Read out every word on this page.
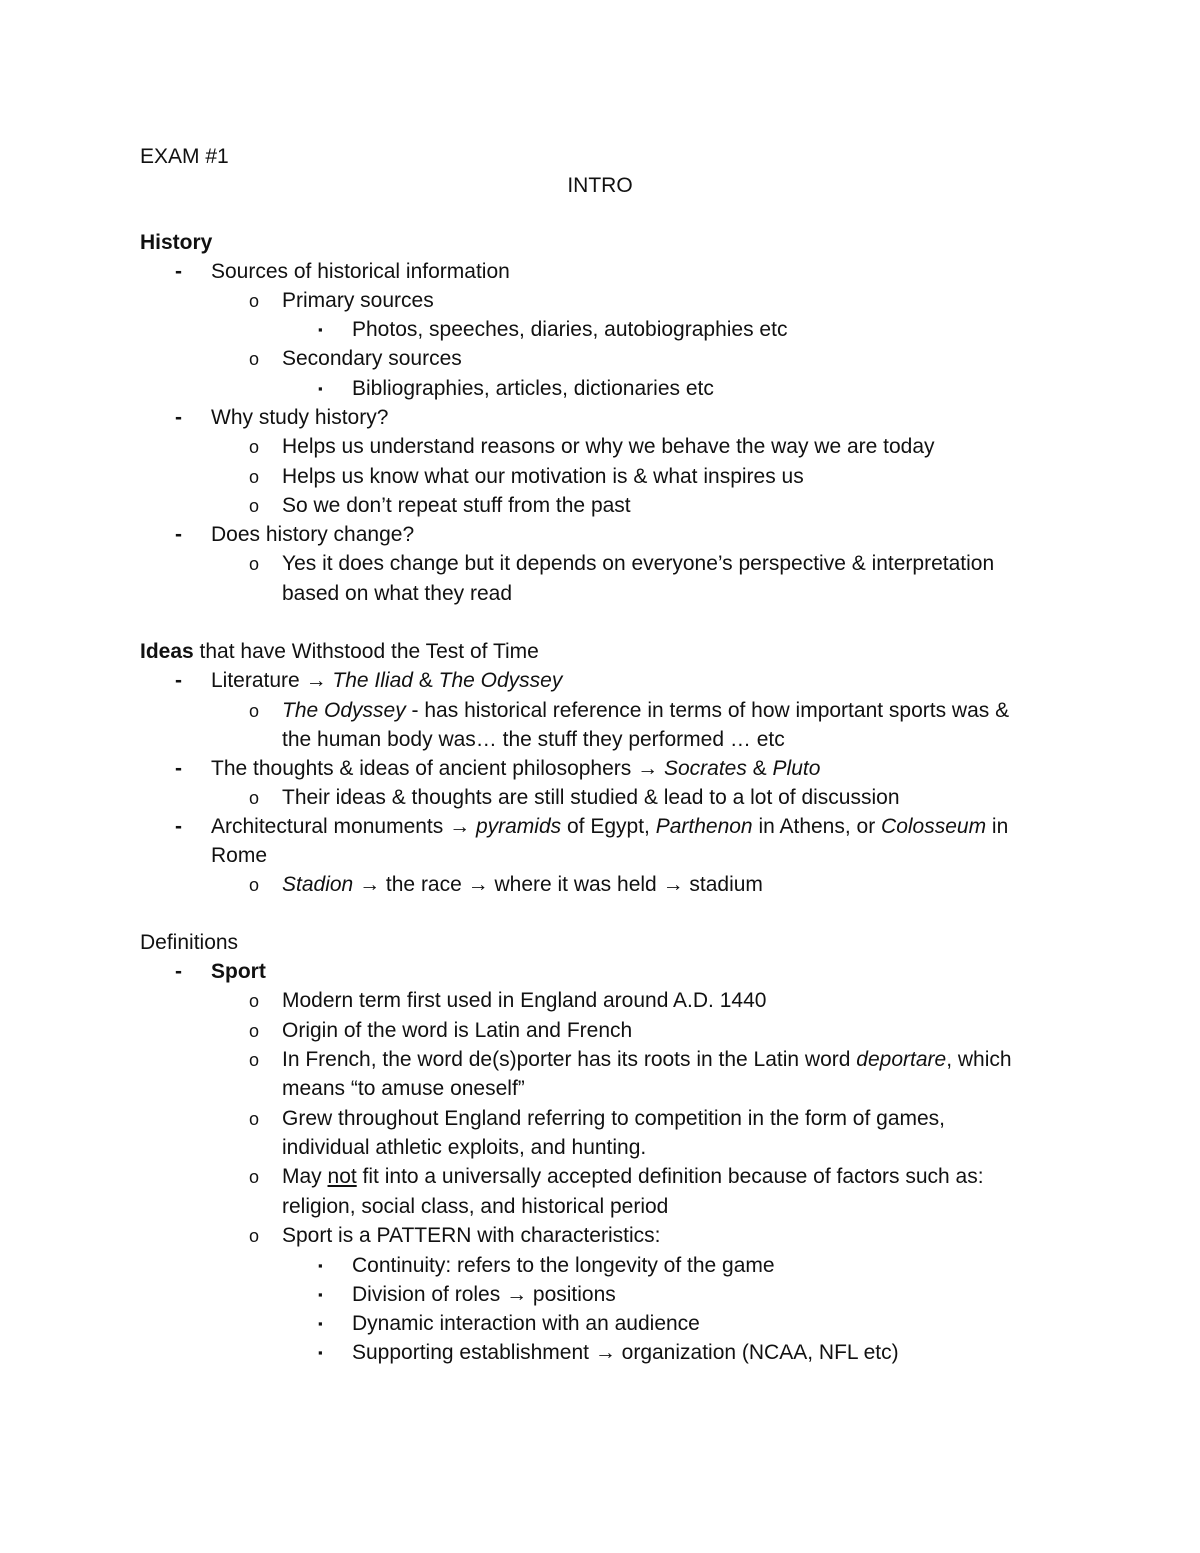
EXAM #1
INTRO
History
- Sources of historical information
o Primary sources
▪ Photos, speeches, diaries, autobiographies etc
o Secondary sources
▪ Bibliographies, articles, dictionaries etc
- Why study history?
o Helps us understand reasons or why we behave the way we are today
o Helps us know what our motivation is & what inspires us
o So we don’t repeat stuff from the past
- Does history change?
o Yes it does change but it depends on everyone’s perspective & interpretation
based on what they read
Ideas that have Withstood the Test of Time
- Literature → The Iliad & The Odyssey
o The Odyssey - has historical reference in terms of how important sports was &
the human body was… the stuff they performed … etc
- The thoughts & ideas of ancient philosophers → Socrates & Pluto
o Their ideas & thoughts are still studied & lead to a lot of discussion
- Architectural monuments → pyramids of Egypt, Parthenon in Athens, or Colosseum in
Rome
o Stadion → the race → where it was held → stadium
Definitions
- Sport
o Modern term first used in England around A.D. 1440
o Origin of the word is Latin and French
o In French, the word de(s)porter has its roots in the Latin word deportare, which
means “to amuse oneself”
o Grew throughout England referring to competition in the form of games,
individual athletic exploits, and hunting.
o May not fit into a universally accepted definition because of factors such as:
religion, social class, and historical period
o Sport is a PATTERN with characteristics:
▪ Continuity: refers to the longevity of the game
▪ Division of roles → positions
▪ Dynamic interaction with an audience
▪ Supporting establishment → organization (NCAA, NFL etc)
